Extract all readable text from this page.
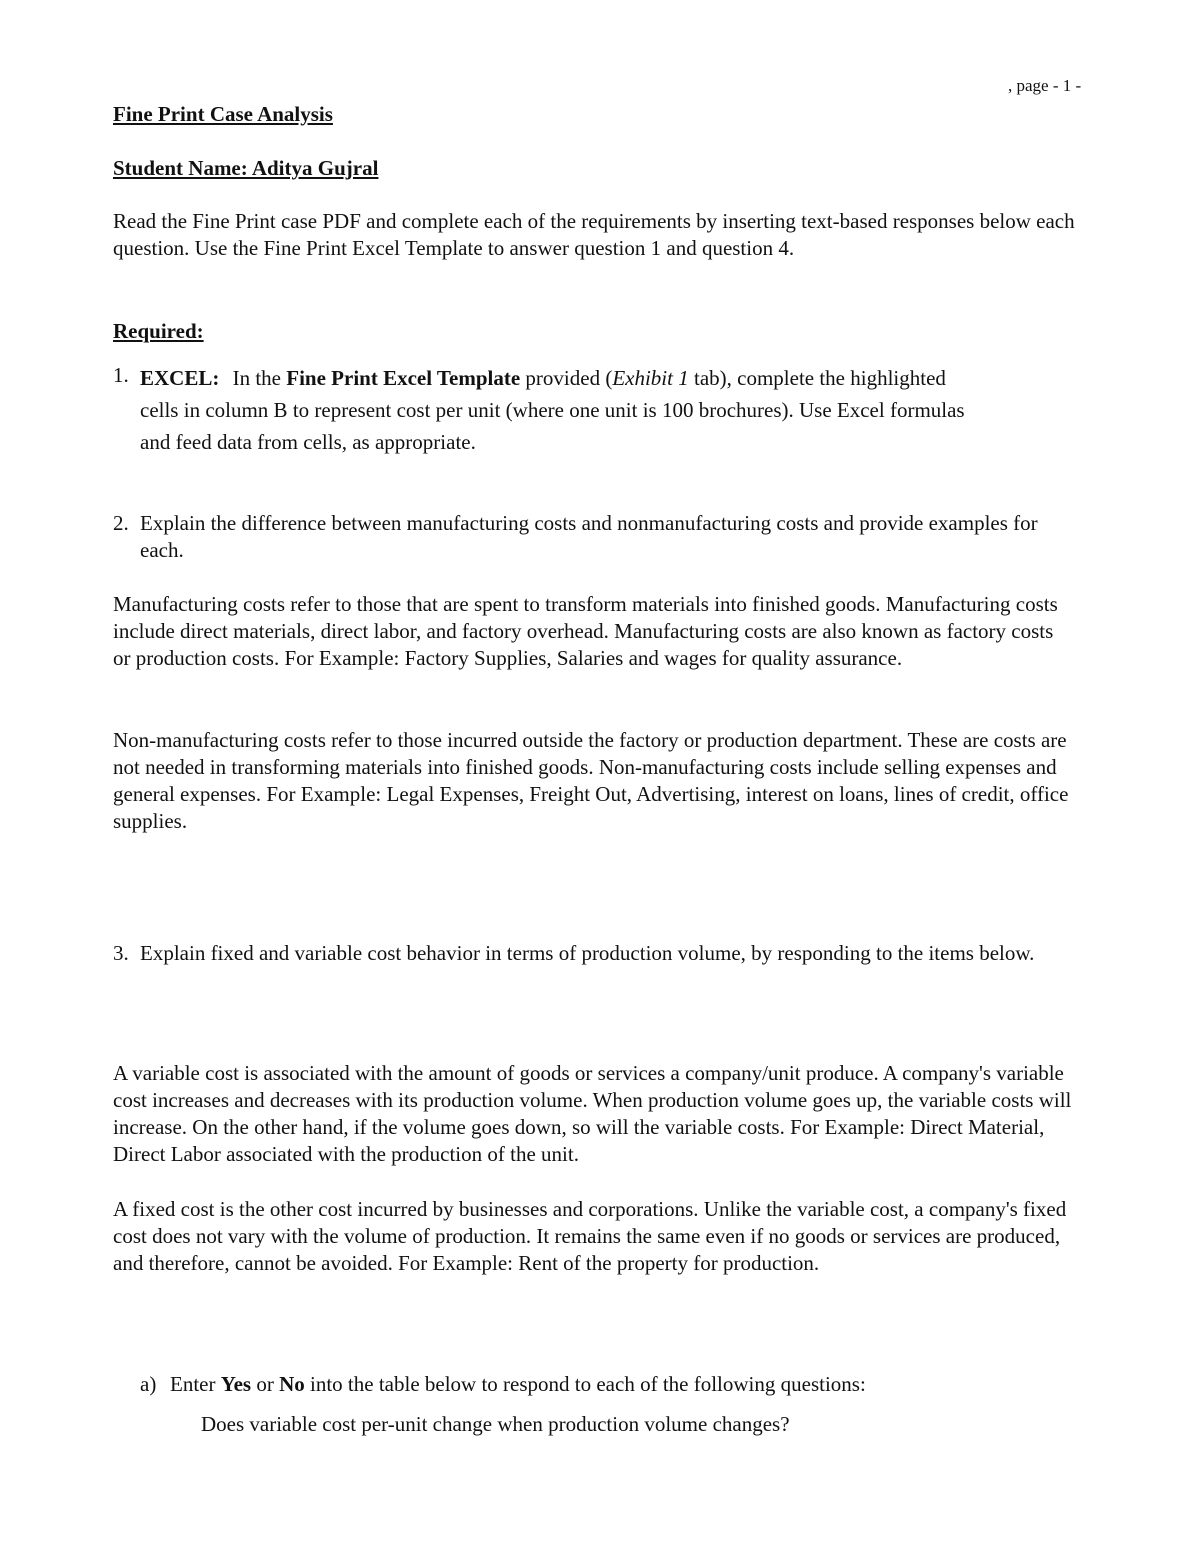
, page - 1 -
Fine Print Case Analysis
Student Name: Aditya Gujral
Read the Fine Print case PDF and complete each of the requirements by inserting text-based responses below each question. Use the Fine Print Excel Template to answer question 1 and question 4.
Required:
1. EXCEL: In the Fine Print Excel Template provided (Exhibit 1 tab), complete the highlighted
cells in column B to represent cost per unit (where one unit is 100 brochures). Use Excel formulas
and feed data from cells, as appropriate.
2. Explain the difference between manufacturing costs and nonmanufacturing costs and provide examples for each.
Manufacturing costs refer to those that are spent to transform materials into finished goods. Manufacturing costs include direct materials, direct labor, and factory overhead. Manufacturing costs are also known as factory costs or production costs. For Example: Factory Supplies, Salaries and wages for quality assurance.
Non-manufacturing costs refer to those incurred outside the factory or production department. These are costs are not needed in transforming materials into finished goods. Non-manufacturing costs include selling expenses and general expenses. For Example: Legal Expenses, Freight Out, Advertising, interest on loans, lines of credit, office supplies.
3. Explain fixed and variable cost behavior in terms of production volume, by responding to the items below.
A variable cost is associated with the amount of goods or services a company/unit produce. A company's variable cost increases and decreases with its production volume. When production volume goes up, the variable costs will increase. On the other hand, if the volume goes down, so will the variable costs. For Example: Direct Material, Direct Labor associated with the production of the unit.
A fixed cost is the other cost incurred by businesses and corporations. Unlike the variable cost, a company's fixed cost does not vary with the volume of production. It remains the same even if no goods or services are produced, and therefore, cannot be avoided. For Example: Rent of the property for production.
a) Enter Yes or No into the table below to respond to each of the following questions:
Does variable cost per-unit change when production volume changes?
